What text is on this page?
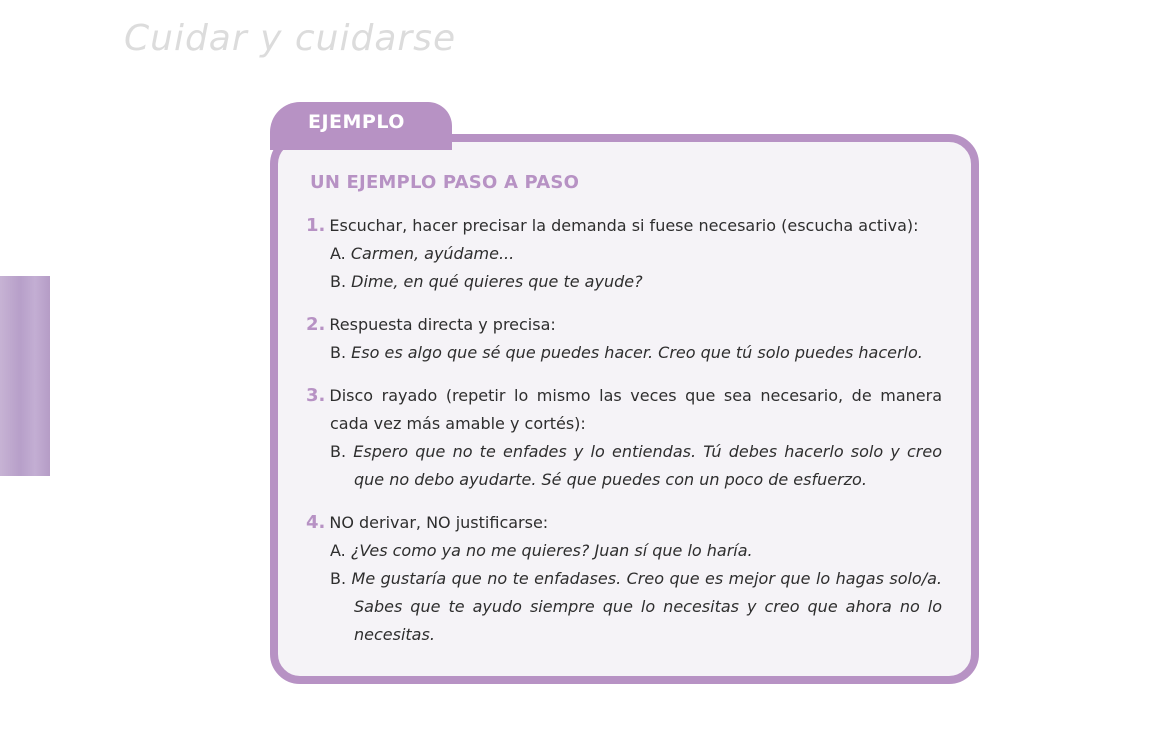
Cuidar y cuidarse
182
EJEMPLO
UN EJEMPLO PASO A PASO
1. Escuchar, hacer precisar la demanda si fuese necesario (escucha activa):

A. Carmen, ayúdame...

B. Dime, en qué quieres que te ayude?

2. Respuesta directa y precisa:

B. Eso es algo que sé que puedes hacer. Creo que tú solo puedes hacerlo.

3. Disco rayado (repetir lo mismo las veces que sea necesario, de manera cada vez más amable y cortés):

B. Espero que no te enfades y lo entiendas. Tú debes hacerlo solo y creo que no debo ayudarte. Sé que puedes con un poco de esfuerzo.

4. NO derivar, NO justificarse:

A. ¿Ves como ya no me quieres? Juan sí que lo haría.

B. Me gustaría que no te enfadases. Creo que es mejor que lo hagas solo/a. Sabes que te ayudo siempre que lo necesitas y creo que ahora no lo necesitas.
